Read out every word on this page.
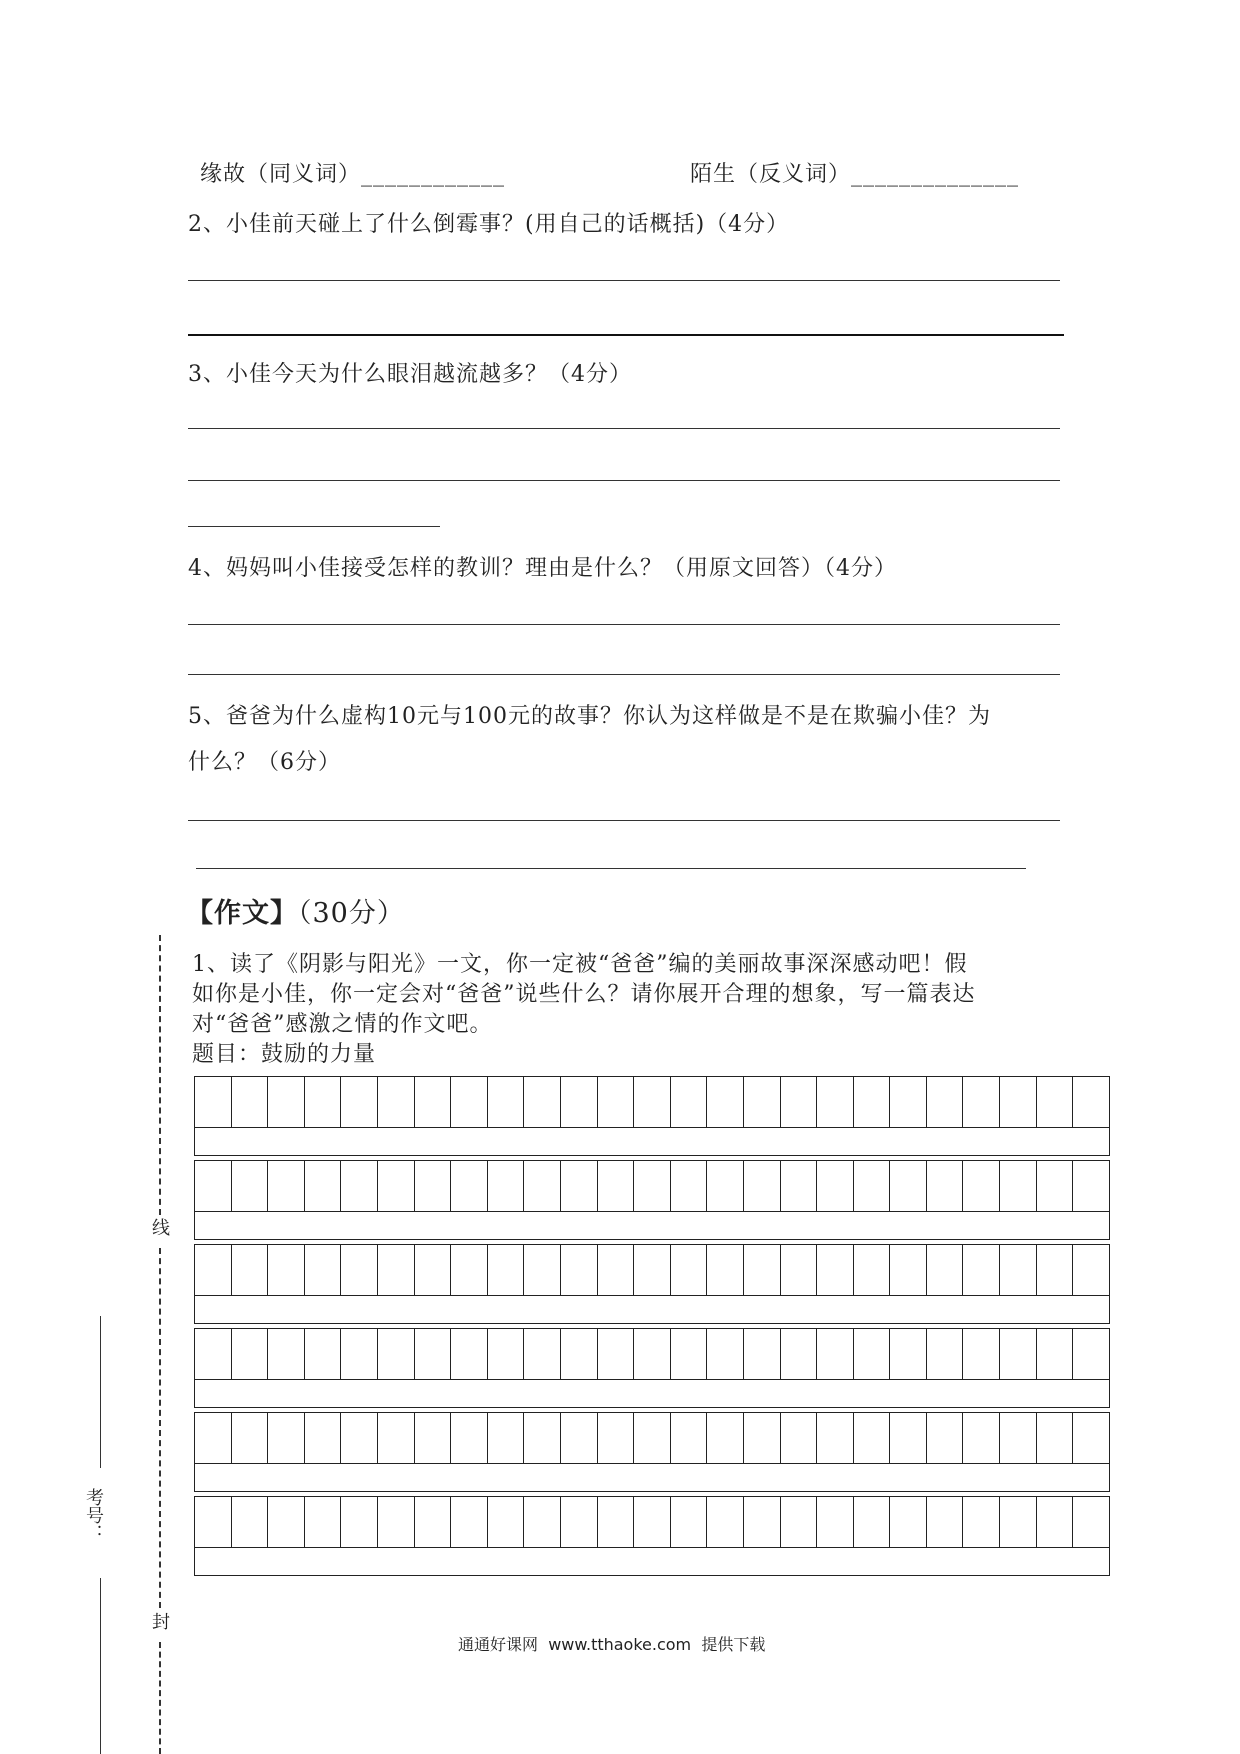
缘故（同义词）____________	陌生（反义词）______________
2、小佳前天碰上了什么倒霉事？(用自己的话概括)（4分）
3、小佳今天为什么眼泪越流越多？（4分）
4、妈妈叫小佳接受怎样的教训？理由是什么？（用原文回答）（4分）
5、爸爸为什么虚构10元与100元的故事？你认为这样做是不是在欺骗小佳？为
什么？（6分）
【作文】（30分）
1、读了《阴影与阳光》一文，你一定被“爸爸”编的美丽故事深深感动吧！假
如你是小佳，你一定会对“爸爸”说些什么？请你展开合理的想象，写一篇表达
对“爸爸”感激之情的作文吧。
题目：鼓励的力量
线
封
考号：
通通好课网 www.tthaoke.com 提供下载
